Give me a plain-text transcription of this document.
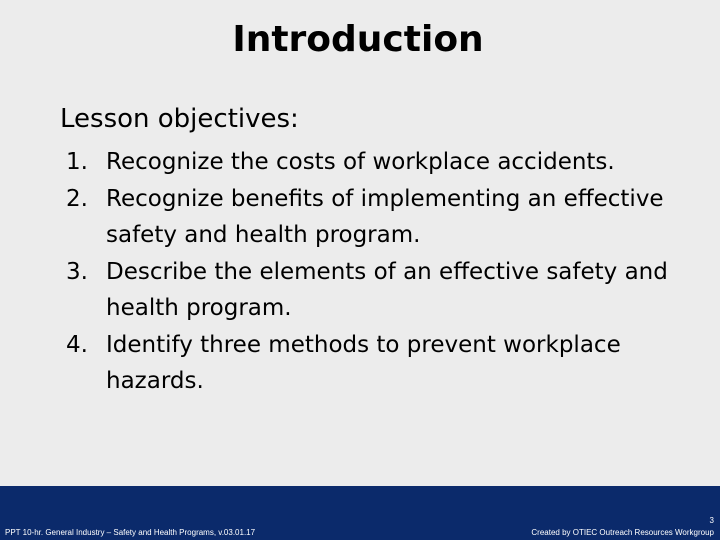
Introduction
Lesson objectives:
1. Recognize the costs of workplace accidents.
2. Recognize benefits of implementing an effective safety and health program.
3. Describe the elements of an effective safety and health program.
4. Identify three methods to prevent workplace hazards.
PPT 10-hr. General Industry – Safety and Health Programs, v.03.01.17
3
Created by OTIEC Outreach Resources Workgroup
